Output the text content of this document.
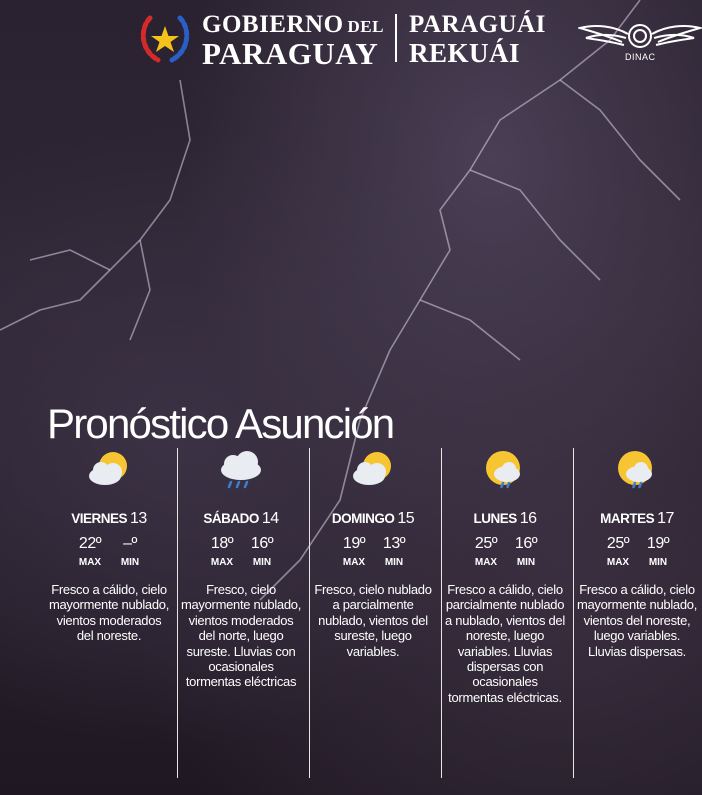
GOBIERNO DEL
PARAGUAY
PARAGUÁI
REKUÁI	DINAC
Pronóstico Asunción
VIERNES 13
22º
MAX
–º
MIN
Fresco a cálido, cielo mayormente nublado, vientos moderados del noreste.
SÁBADO 14
18º
MAX
16º
MIN
Fresco, cielo mayormente nublado, vientos moderados del norte, luego sureste. Lluvias con ocasionales tormentas eléctricas
DOMINGO 15
19º
MAX
13º
MIN
Fresco, cielo nublado a parcialmente nublado, vientos del sureste, luego variables.
LUNES 16
25º
MAX
16º
MIN
Fresco a cálido, cielo parcialmente nublado a nublado, vientos del noreste, luego variables. Lluvias dispersas con ocasionales tormentas eléctricas.
MARTES 17
25º
MAX
19º
MIN
Fresco a cálido, cielo mayormente nublado, vientos del noreste, luego variables. Lluvias dispersas.
